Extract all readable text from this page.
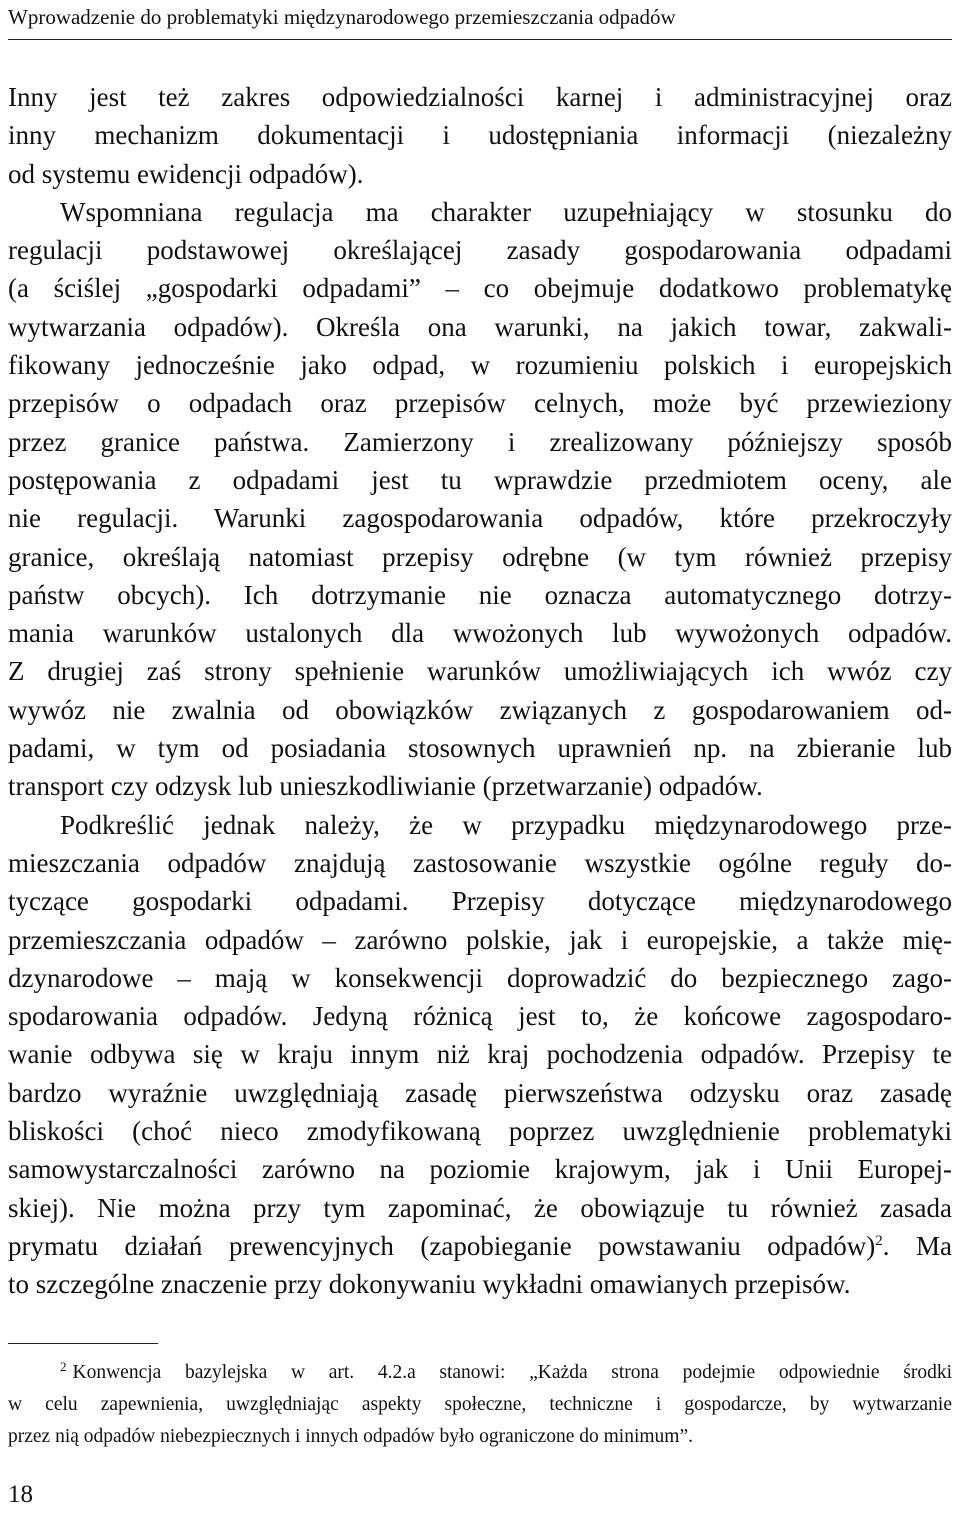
Wprowadzenie do problematyki międzynarodowego przemieszczania odpadów
Inny jest też zakres odpowiedzialności karnej i administracyjnej oraz
inny mechanizm dokumentacji i udostępniania informacji (niezależny
od systemu ewidencji odpadów).
Wspomniana regulacja ma charakter uzupełniający w stosunku do
regulacji podstawowej określającej zasady gospodarowania odpadami
(a ściślej „gospodarki odpadami” – co obejmuje dodatkowo problematykę
wytwarzania odpadów). Określa ona warunki, na jakich towar, zakwali-
fikowany jednocześnie jako odpad, w rozumieniu polskich i europejskich
przepisów o odpadach oraz przepisów celnych, może być przewieziony
przez granice państwa. Zamierzony i zrealizowany późniejszy sposób
postępowania z odpadami jest tu wprawdzie przedmiotem oceny, ale
nie regulacji. Warunki zagospodarowania odpadów, które przekroczyły
granice, określają natomiast przepisy odrębne (w tym również przepisy
państw obcych). Ich dotrzymanie nie oznacza automatycznego dotrzy-
mania warunków ustalonych dla wwożonych lub wywożonych odpadów.
Z drugiej zaś strony spełnienie warunków umożliwiających ich wwóz czy
wywóz nie zwalnia od obowiązków związanych z gospodarowaniem od-
padami, w tym od posiadania stosownych uprawnień np. na zbieranie lub
transport czy odzysk lub unieszkodliwianie (przetwarzanie) odpadów.
Podkreślić jednak należy, że w przypadku międzynarodowego prze-
mieszczania odpadów znajdują zastosowanie wszystkie ogólne reguły do-
tyczące gospodarki odpadami. Przepisy dotyczące międzynarodowego
przemieszczania odpadów – zarówno polskie, jak i europejskie, a także mię-
dzynarodowe – mają w konsekwencji doprowadzić do bezpiecznego zago-
spodarowania odpadów. Jedyną różnicą jest to, że końcowe zagospodaro-
wanie odbywa się w kraju innym niż kraj pochodzenia odpadów. Przepisy te
bardzo wyraźnie uwzględniają zasadę pierwszeństwa odzysku oraz zasadę
bliskości (choć nieco zmodyfikowaną poprzez uwzględnienie problematyki
samowystarczalności zarówno na poziomie krajowym, jak i Unii Europej-
skiej). Nie można przy tym zapominać, że obowiązuje tu również zasada
prymatu działań prewencyjnych (zapobieganie powstawaniu odpadów)$^2$. Ma
to szczególne znaczenie przy dokonywaniu wykładni omawianych przepisów.
$^2$ Konwencja bazylejska w art. 4.2.a stanowi: „Każda strona podejmie odpowiednie środki
w celu zapewnienia, uwzględniając aspekty społeczne, techniczne i gospodarcze, by wytwarzanie
przez nią odpadów niebezpiecznych i innych odpadów było ograniczone do minimum”.
18
